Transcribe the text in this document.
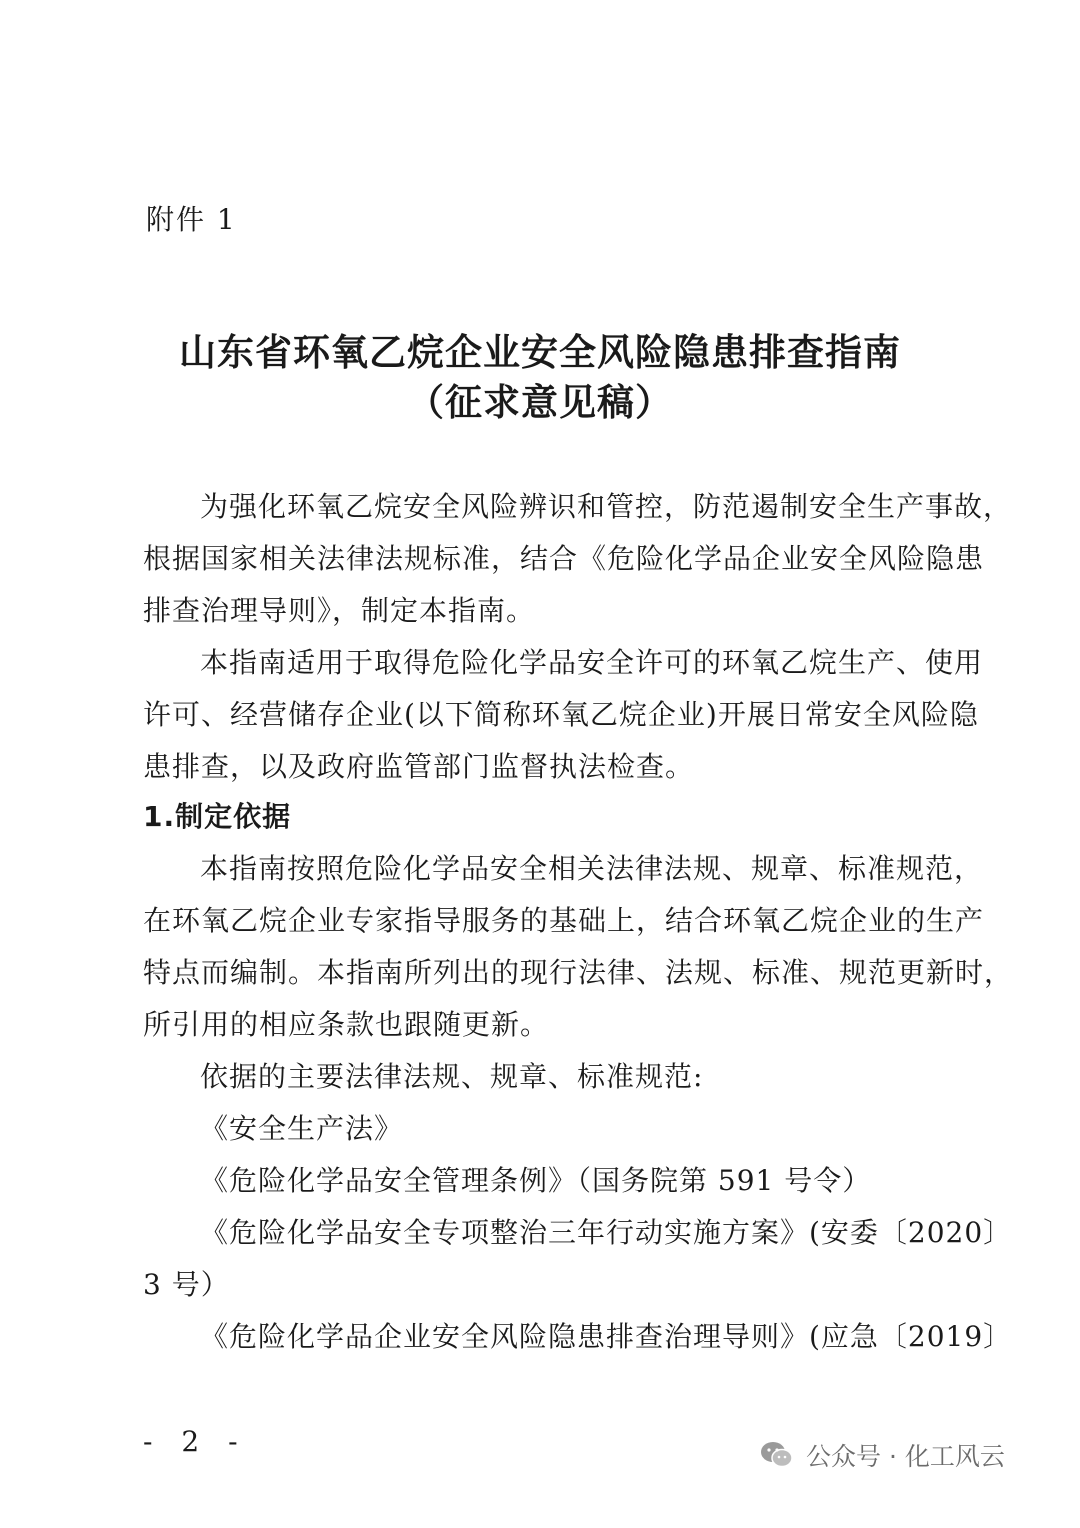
附件 1
山东省环氧乙烷企业安全风险隐患排查指南
（征求意见稿）
为强化环氧乙烷安全风险辨识和管控，防范遏制安全生产事故，
根据国家相关法律法规标准，结合《危险化学品企业安全风险隐患
排查治理导则》，制定本指南。
本指南适用于取得危险化学品安全许可的环氧乙烷生产、使用
许可、经营储存企业(以下简称环氧乙烷企业)开展日常安全风险隐
患排查，以及政府监管部门监督执法检查。
1.制定依据
本指南按照危险化学品安全相关法律法规、规章、标准规范，
在环氧乙烷企业专家指导服务的基础上，结合环氧乙烷企业的生产
特点而编制。本指南所列出的现行法律、法规、标准、规范更新时，
所引用的相应条款也跟随更新。
依据的主要法律法规、规章、标准规范:
《安全生产法》
《危险化学品安全管理条例》（国务院第 591 号令）
《危险化学品安全专项整治三年行动实施方案》(安委〔2020〕
3 号）
《危险化学品企业安全风险隐患排查治理导则》(应急〔2019〕
- 2 -	公众号 · 化工风云
